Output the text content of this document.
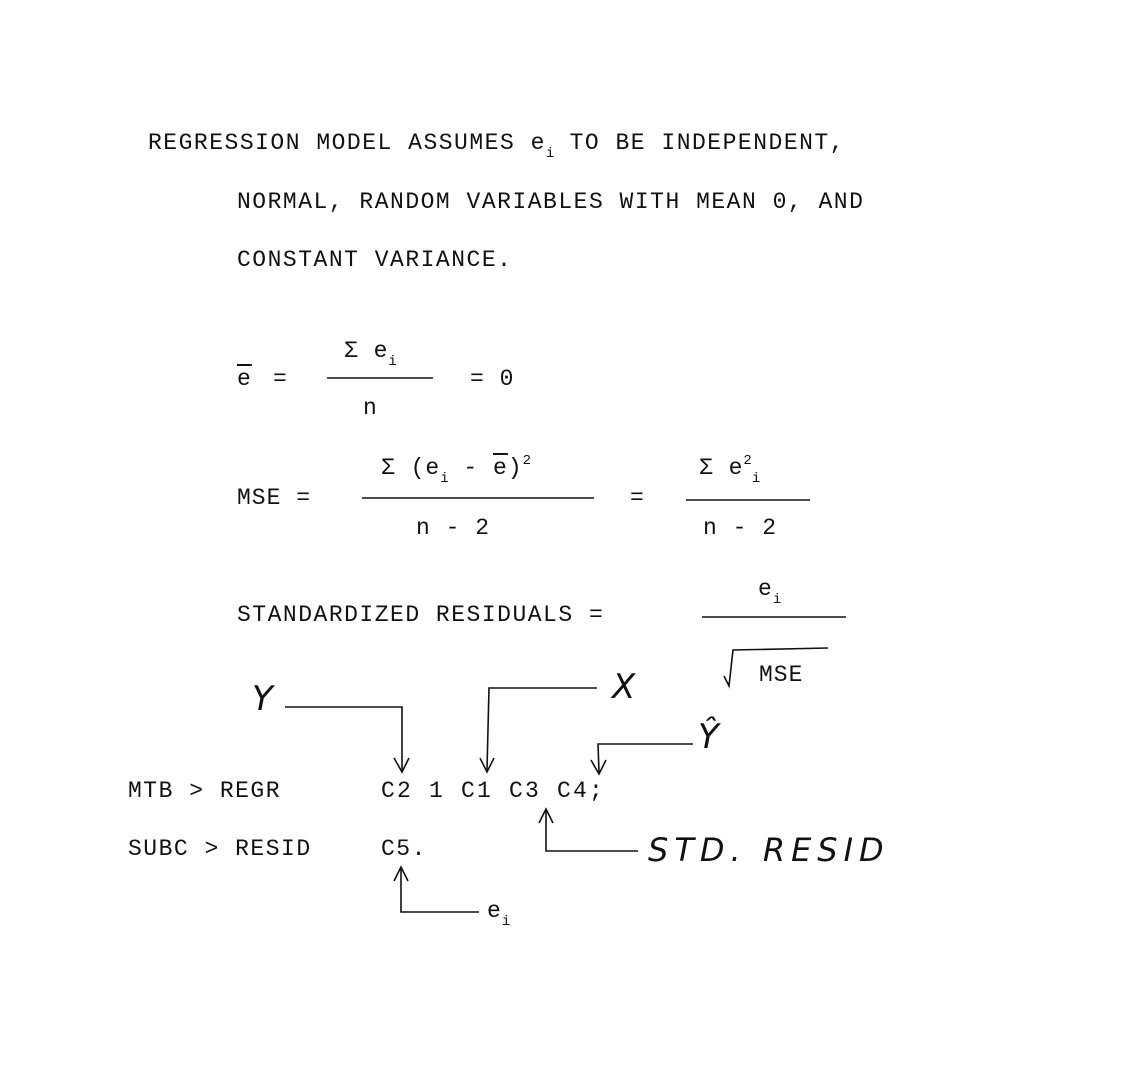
REGRESSION MODEL ASSUMES $e_i$ TO BE INDEPENDENT,
NORMAL, RANDOM VARIABLES WITH MEAN 0, AND
CONSTANT VARIANCE.
$\overline{e}$ =
Σ $e_i$
n
= 0
MSE =
Σ $(e_i - \overline{e})^2$
n - 2
=
Σ $e^2_i$
n - 2
STANDARDIZED RESIDUALS =
$e_i$
MSE
MTB > REGR	C2 1 C1 C3 C4;
SUBC > RESID	C5.
Y	X
Ŷ
STD. RESID
$e_i$
